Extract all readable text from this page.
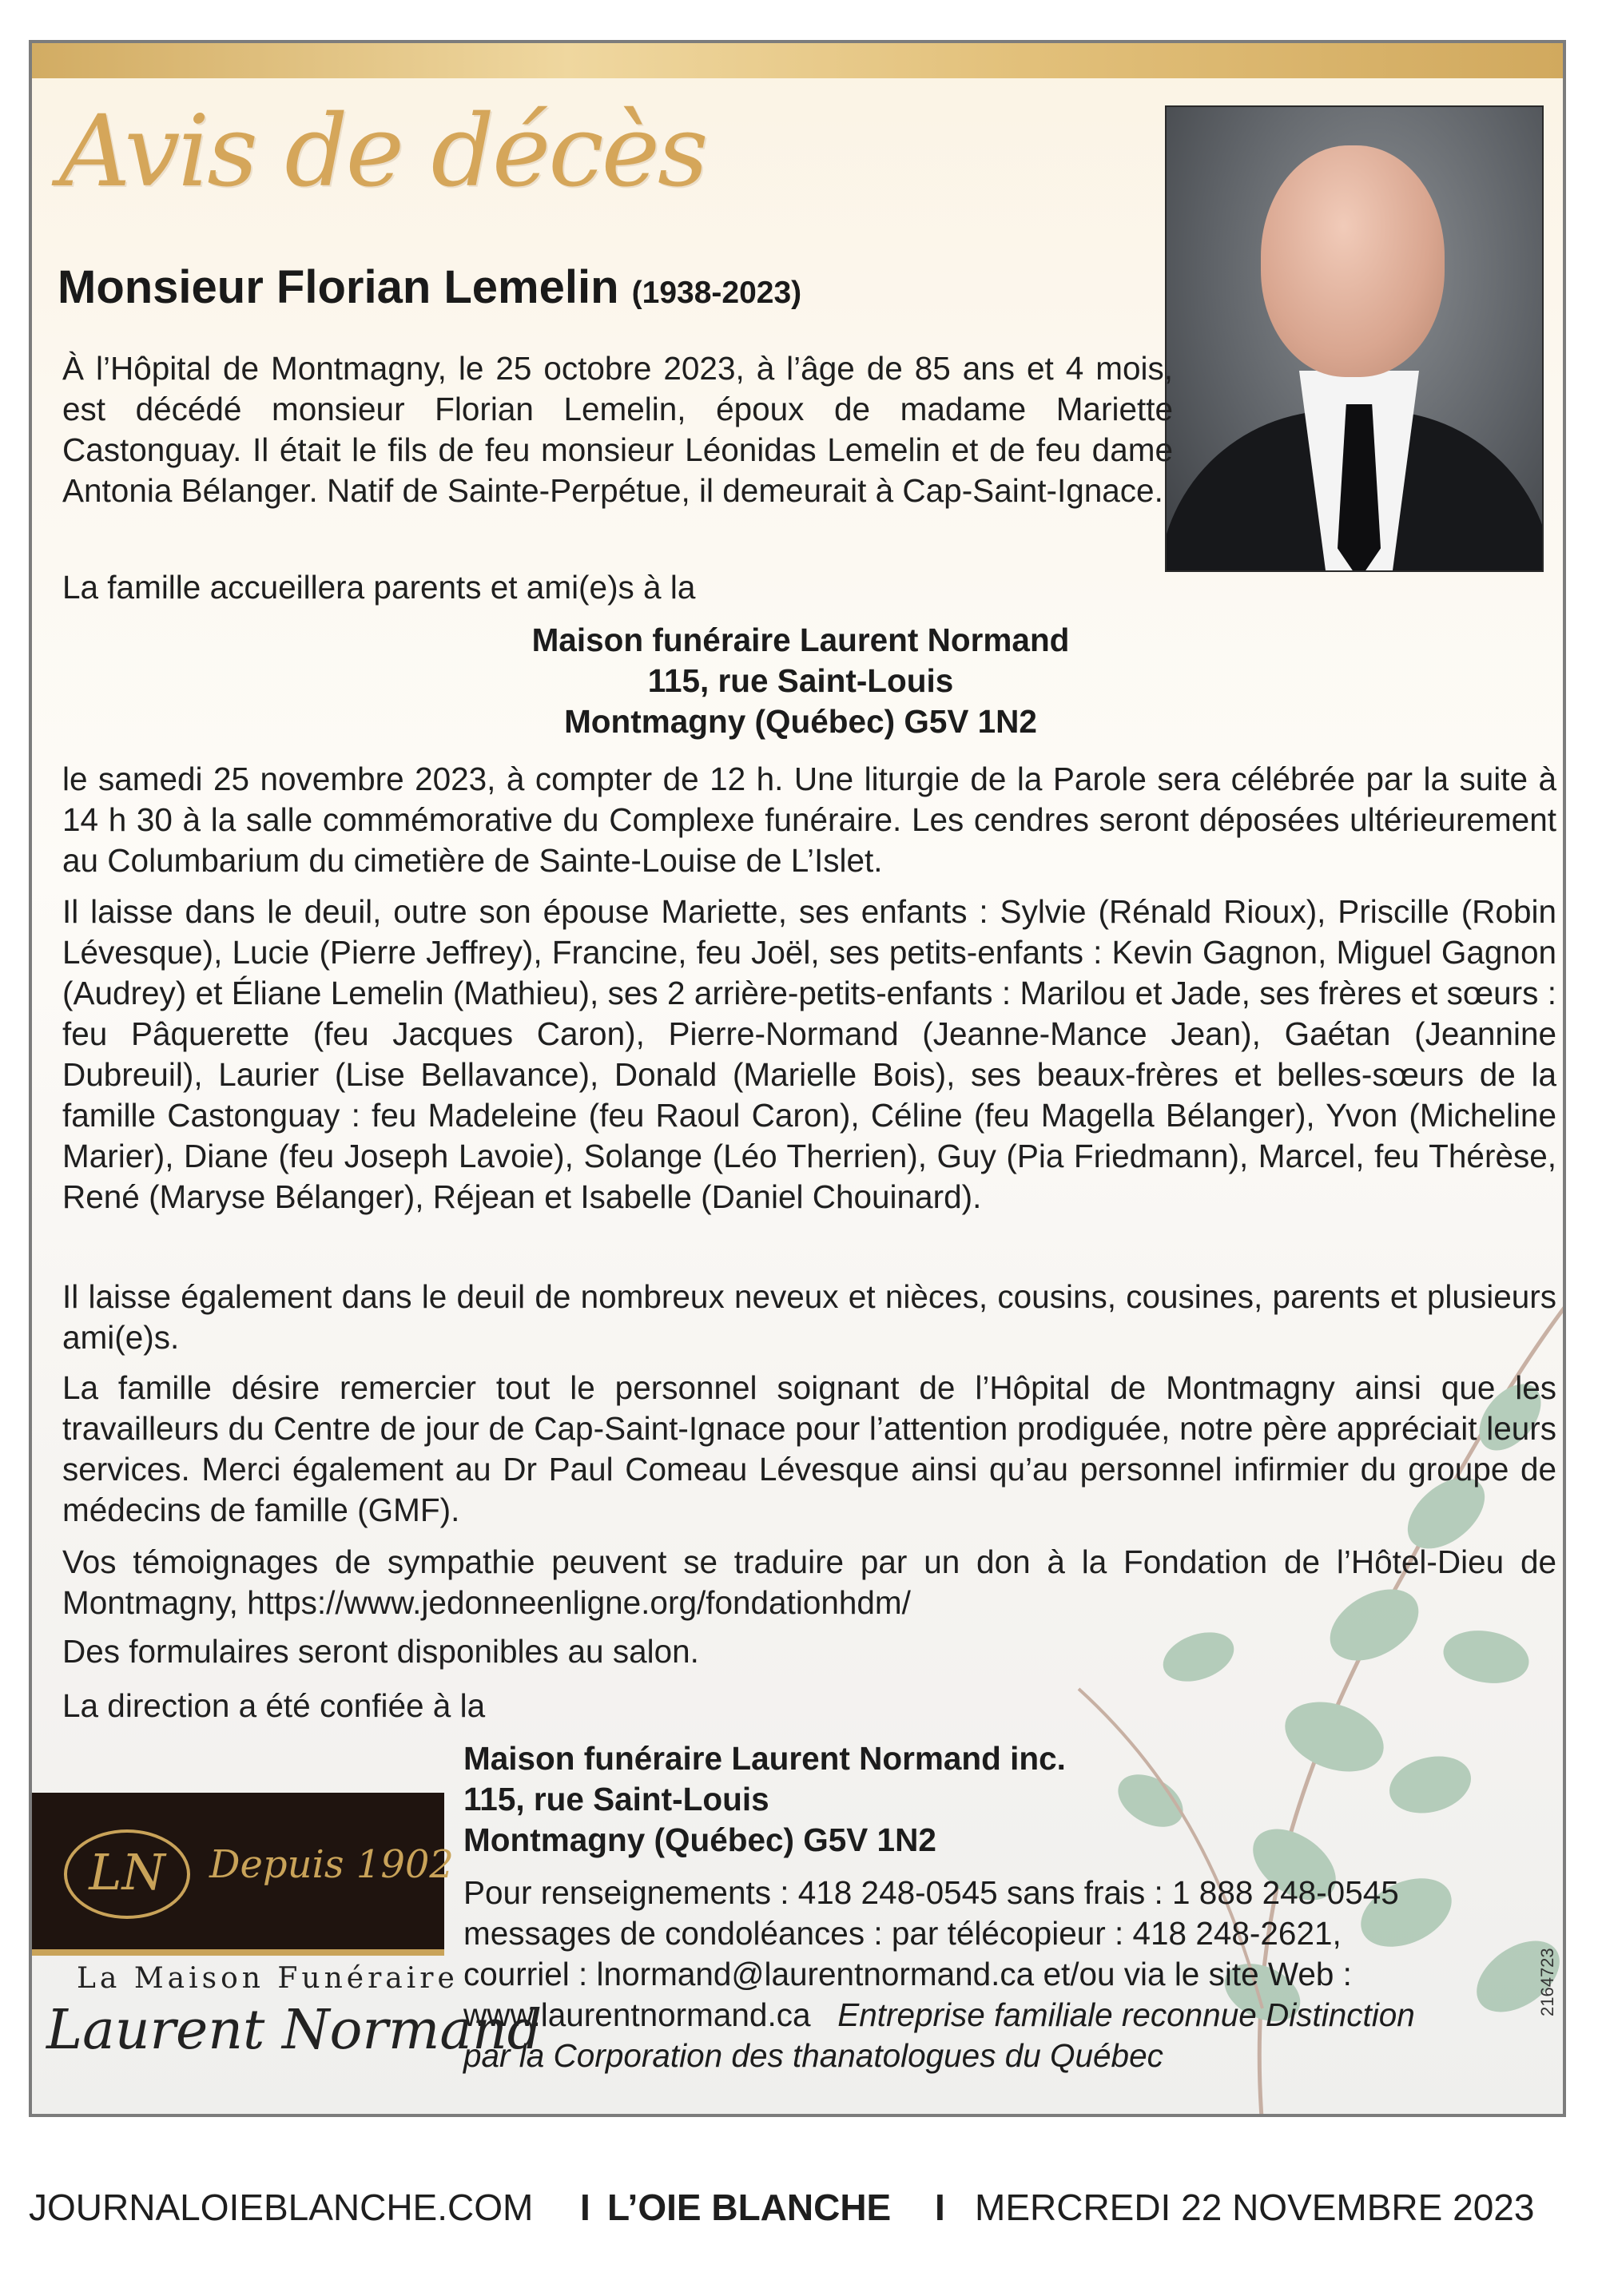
Avis de décès
Monsieur Florian Lemelin (1938-2023)

À l’Hôpital de Montmagny, le 25 octobre 2023, à l’âge de 85 ans et 4 mois, est décédé monsieur Florian Lemelin, époux de madame Mariette Castonguay. Il était le fils de feu monsieur Léonidas Lemelin et de feu dame Antonia Bélanger. Natif de Sainte-Perpétue, il demeurait à Cap-Saint-Ignace.

La famille accueillera parents et ami(e)s à la

Maison funéraire Laurent Normand
115, rue Saint-Louis
Montmagny (Québec) G5V 1N2

le samedi 25 novembre 2023, à compter de 12 h. Une liturgie de la Parole sera célébrée par la suite à 14 h 30 à la salle commémorative du Complexe funéraire. Les cendres seront déposées ultérieurement au Columbarium du cimetière de Sainte-Louise de L’Islet.

Il laisse dans le deuil, outre son épouse Mariette, ses enfants : Sylvie (Rénald Rioux), Priscille (Robin Lévesque), Lucie (Pierre Jeffrey), Francine, feu Joël, ses petits-enfants : Kevin Gagnon, Miguel Gagnon (Audrey) et Éliane Lemelin (Mathieu), ses 2 arrière-petits-enfants : Marilou et Jade, ses frères et sœurs : feu Pâquerette (feu Jacques Caron), Pierre-Normand (Jeanne-Mance Jean), Gaétan (Jeannine Dubreuil), Laurier (Lise Bellavance), Donald (Marielle Bois), ses beaux-frères et belles-sœurs de la famille Castonguay : feu Madeleine (feu Raoul Caron), Céline (feu Magella Bélanger), Yvon (Micheline Marier), Diane (feu Joseph Lavoie), Solange (Léo Therrien), Guy (Pia Friedmann), Marcel, feu Thérèse, René (Maryse Bélanger), Réjean et Isabelle (Daniel Chouinard).

Il laisse également dans le deuil de nombreux neveux et nièces, cousins, cousines, parents et plusieurs ami(e)s.

La famille désire remercier tout le personnel soignant de l’Hôpital de Montmagny ainsi que les travailleurs du Centre de jour de Cap-Saint-Ignace pour l’attention prodiguée, notre père appréciait leurs services. Merci également au Dr Paul Comeau Lévesque ainsi qu’au personnel infirmier du groupe de médecins de famille (GMF).

Vos témoignages de sympathie peuvent se traduire par un don à la Fondation de l’Hôtel-Dieu de Montmagny, https://www.jedonneenligne.org/fondationhdm/

Des formulaires seront disponibles au salon.

La direction a été confiée à la

Maison funéraire Laurent Normand inc.
115, rue Saint-Louis
Montmagny (Québec) G5V 1N2
Pour renseignements : 418 248-0545 sans frais : 1 888 248-0545
messages de condoléances : par télécopieur : 418 248-2621,
courriel : lnormand@laurentnormand.ca et/ou via le site Web :
www.laurentnormand.ca Entreprise familiale reconnue Distinction
par la Corporation des thanatologues du Québec
LN	Depuis 1902
La Maison Funéraire
Laurent Normand
2164723
JOURNALOIEBLANCHE.COM I L’OIE BLANCHE I MERCREDI 22 NOVEMBRE 2023
